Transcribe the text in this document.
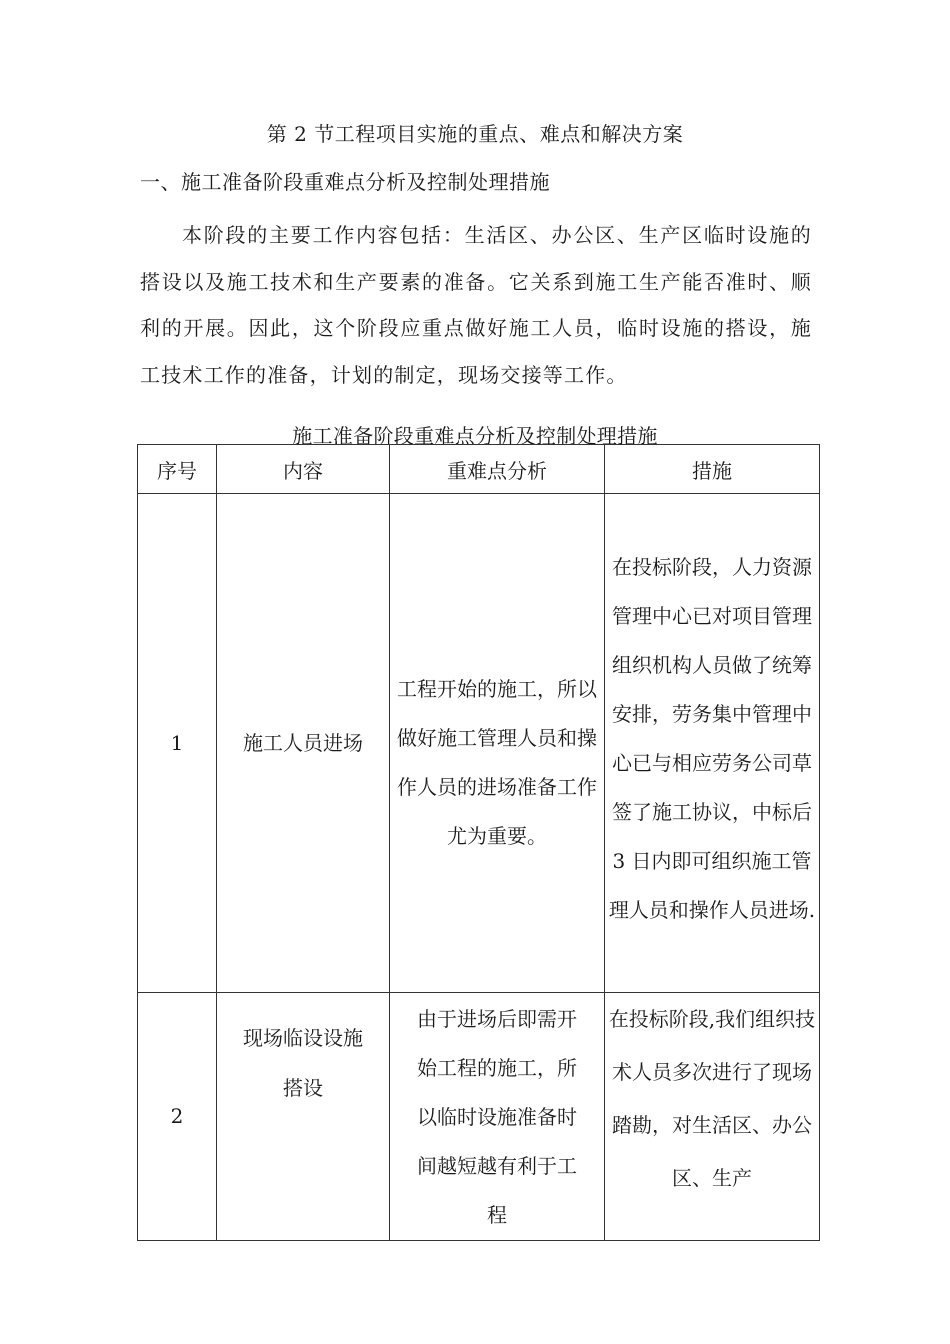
第 2 节工程项目实施的重点、难点和解决方案
一、施工准备阶段重难点分析及控制处理措施

本阶段的主要工作内容包括：生活区、办公区、生产区临时设施的搭设以及施工技术和生产要素的准备。它关系到施工生产能否准时、顺利的开展。因此，这个阶段应重点做好施工人员，临时设施的搭设，施工技术工作的准备，计划的制定，现场交接等工作。

施工准备阶段重难点分析及控制处理措施
序号	内容	重难点分析	措施

1	施工人员进场	工程开始的施工，所以做好施工管理人员和操作人员的进场准备工作尤为重要。	在投标阶段，人力资源管理中心已对项目管理组织机构人员做了统筹安排，劳务集中管理中心已与相应劳务公司草签了施工协议，中标后 3 日内即可组织施工管理人员和操作人员进场.

2	现场临设设施搭设	由于进场后即需开始工程的施工，所以临时设施准备时间越短越有利于工程	在投标阶段,我们组织技术人员多次进行了现场踏勘，对生活区、办公区、生产
